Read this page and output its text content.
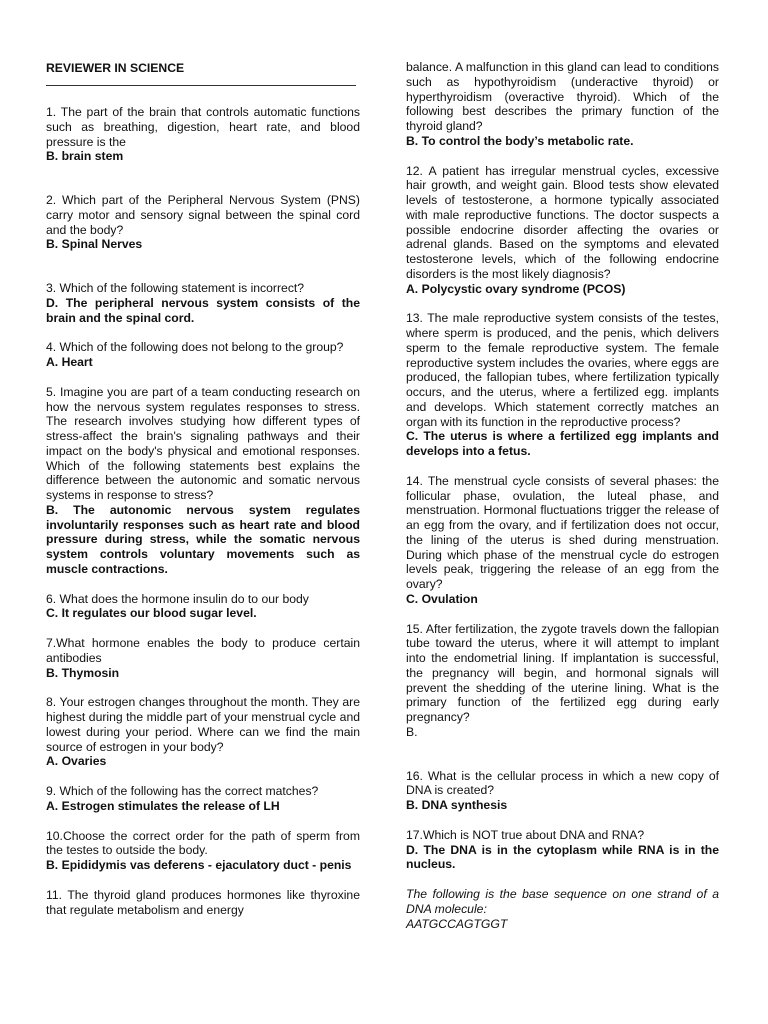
REVIEWER IN SCIENCE

1. The part of the brain that controls automatic functions such as breathing, digestion, heart rate, and blood pressure is the

B. brain stem

2. Which part of the Peripheral Nervous System (PNS) carry motor and sensory signal between the spinal cord and the body?

B. Spinal Nerves

3. Which of the following statement is incorrect?

D. The peripheral nervous system consists of the brain and the spinal cord.

4. Which of the following does not belong to the group?

A. Heart

5. Imagine you are part of a team conducting research on how the nervous system regulates responses to stress. The research involves studying how different types of stress-affect the brain's signaling pathways and their impact on the body's physical and emotional responses. Which of the following statements best explains the difference between the autonomic and somatic nervous systems in response to stress?

B. The autonomic nervous system regulates involuntarily responses such as heart rate and blood pressure during stress, while the somatic nervous system controls voluntary movements such as muscle contractions.

6. What does the hormone insulin do to our body

C. It regulates our blood sugar level.

7.What hormone enables the body to produce certain antibodies

B. Thymosin

8. Your estrogen changes throughout the month. They are highest during the middle part of your menstrual cycle and lowest during your period. Where can we find the main source of estrogen in your body?

A. Ovaries

9. Which of the following has the correct matches?

A. Estrogen stimulates the release of LH

10.Choose the correct order for the path of sperm from the testes to outside the body.

B. Epididymis vas deferens - ejaculatory duct - penis

11. The thyroid gland produces hormones like thyroxine that regulate metabolism and energy

balance. A malfunction in this gland can lead to conditions such as hypothyroidism (underactive thyroid) or hyperthyroidism (overactive thyroid). Which of the following best describes the primary function of the thyroid gland?

B. To control the body’s metabolic rate.

12. A patient has irregular menstrual cycles, excessive hair growth, and weight gain. Blood tests show elevated levels of testosterone, a hormone typically associated with male reproductive functions. The doctor suspects a possible endocrine disorder affecting the ovaries or adrenal glands. Based on the symptoms and elevated testosterone levels, which of the following endocrine disorders is the most likely diagnosis?

A. Polycystic ovary syndrome (PCOS)

13. The male reproductive system consists of the testes, where sperm is produced, and the penis, which delivers sperm to the female reproductive system. The female reproductive system includes the ovaries, where eggs are produced, the fallopian tubes, where fertilization typically occurs, and the uterus, where a fertilized egg. implants and develops. Which statement correctly matches an organ with its function in the reproductive process?

C. The uterus is where a fertilized egg implants and develops into a fetus.

14. The menstrual cycle consists of several phases: the follicular phase, ovulation, the luteal phase, and menstruation. Hormonal fluctuations trigger the release of an egg from the ovary, and if fertilization does not occur, the lining of the uterus is shed during menstruation. During which phase of the menstrual cycle do estrogen levels peak, triggering the release of an egg from the ovary?

C. Ovulation

15. After fertilization, the zygote travels down the fallopian tube toward the uterus, where it will attempt to implant into the endometrial lining. If implantation is successful, the pregnancy will begin, and hormonal signals will prevent the shedding of the uterine lining. What is the primary function of the fertilized egg during early pregnancy?

B.

16. What is the cellular process in which a new copy of DNA is created?

B. DNA synthesis

17.Which is NOT true about DNA and RNA?

D. The DNA is in the cytoplasm while RNA is in the nucleus.

The following is the base sequence on one strand of a DNA molecule:

AATGCCAGTGGT
